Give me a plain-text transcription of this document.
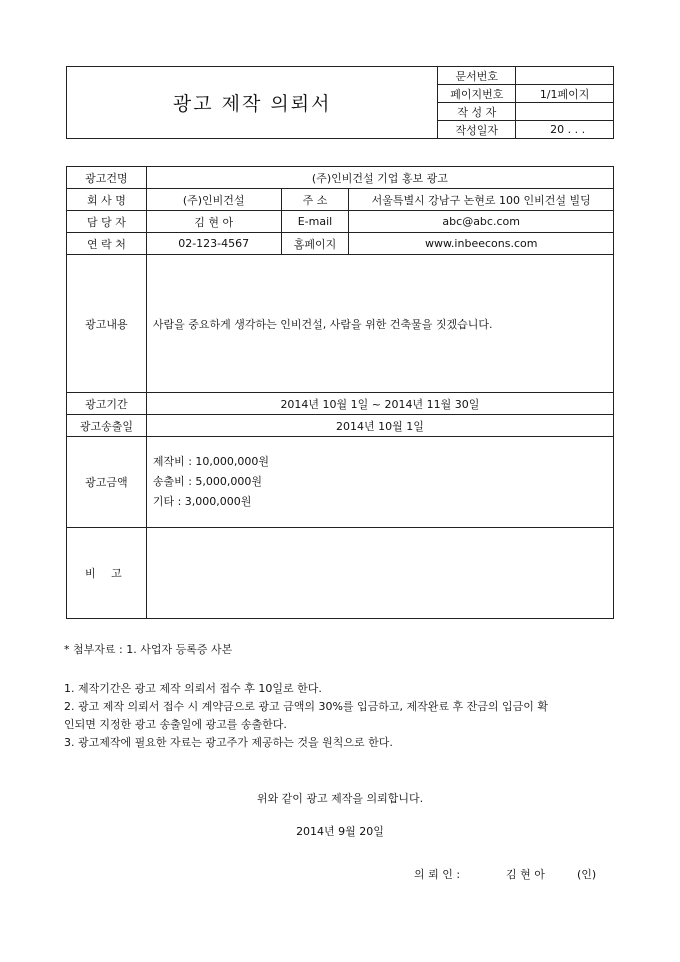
광고 제작 의뢰서	문서번호	
	페이지번호	1/1페이지
	작 성 자	
	작성일자	20 . . .
광고건명	(주)인비건설 기업 홍보 광고		
회 사 명	(주)인비건설	주 소	서울특별시 강남구 논현로 100 인비건설 빌딩
담 당 자	김 현 아	E-mail	abc@abc.com
연 락 처	02-123-4567	홈페이지	www.inbeecons.com
광고내용	사람을 중요하게 생각하는 인비건설, 사람을 위한 건축물을 짓겠습니다.		
광고기간	2014년 10월 1일 ~ 2014년 11월 30일		
광고송출일	2014년 10월 1일		
광고금액	제작비 : 10,000,000원
송출비 : 5,000,000원
기타 : 3,000,000원		

비 고			
* 첨부자료 : 1. 사업자 등록증 사본
1. 제작기간은 광고 제작 의뢰서 접수 후 10일로 한다.
2. 광고 제작 의뢰서 접수 시 계약금으로 광고 금액의 30%를 입금하고, 제작완료 후 잔금의 입금이 확
인되면 지정한 광고 송출일에 광고를 송출한다.
3. 광고제작에 필요한 자료는 광고주가 제공하는 것을 원칙으로 한다.
위와 같이 광고 제작을 의뢰합니다.
2014년 9월 20일
의 뢰 인 :	김 현 아	(인)
